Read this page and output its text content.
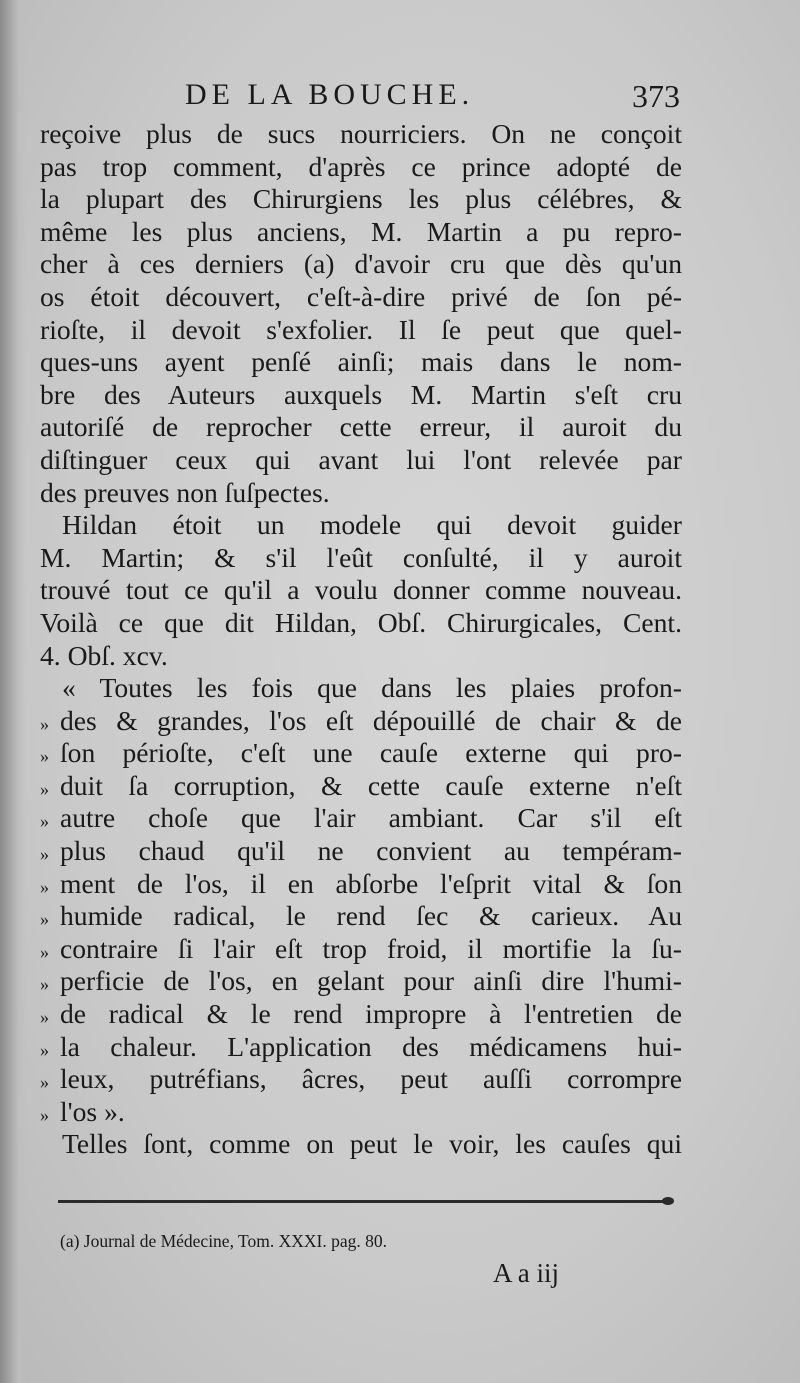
DE LA BOUCHE.	373
reçoive plus de sucs nourriciers. On ne conçoit
pas trop comment, d'après ce prince adopté de
la plupart des Chirurgiens les plus célébres, &
même les plus anciens, M. Martin a pu repro-
cher à ces derniers (a) d'avoir cru que dès qu'un
os étoit découvert, c'eſt-à-dire privé de ſon pé-
rioſte, il devoit s'exfolier. Il ſe peut que quel-
ques-uns ayent penſé ainſi; mais dans le nom-
bre des Auteurs auxquels M. Martin s'eſt cru
autoriſé de reprocher cette erreur, il auroit du
diſtinguer ceux qui avant lui l'ont relevée par
des preuves non ſuſpectes.
Hildan étoit un modele qui devoit guider
M. Martin; & s'il l'eût conſulté, il y auroit
trouvé tout ce qu'il a voulu donner comme nouveau.
Voilà ce que dit Hildan, Obſ. Chirurgicales, Cent.
4. Obſ. xcv.
« Toutes les fois que dans les plaies profon-
» des & grandes, l'os eſt dépouillé de chair & de
» ſon périoſte, c'eſt une cauſe externe qui pro-
» duit ſa corruption, & cette cauſe externe n'eſt
» autre choſe que l'air ambiant. Car s'il eſt
» plus chaud qu'il ne convient au tempéram-
» ment de l'os, il en abſorbe l'eſprit vital & ſon
» humide radical, le rend ſec & carieux. Au
» contraire ſi l'air eſt trop froid, il mortifie la ſu-
» perficie de l'os, en gelant pour ainſi dire l'humi-
» de radical & le rend impropre à l'entretien de
» la chaleur. L'application des médicamens hui-
» leux, putréfians, âcres, peut auſſi corrompre
» l'os ».
Telles ſont, comme on peut le voir, les cauſes qui
(a) Journal de Médecine, Tom. XXXI. pag. 80.
A a iij
